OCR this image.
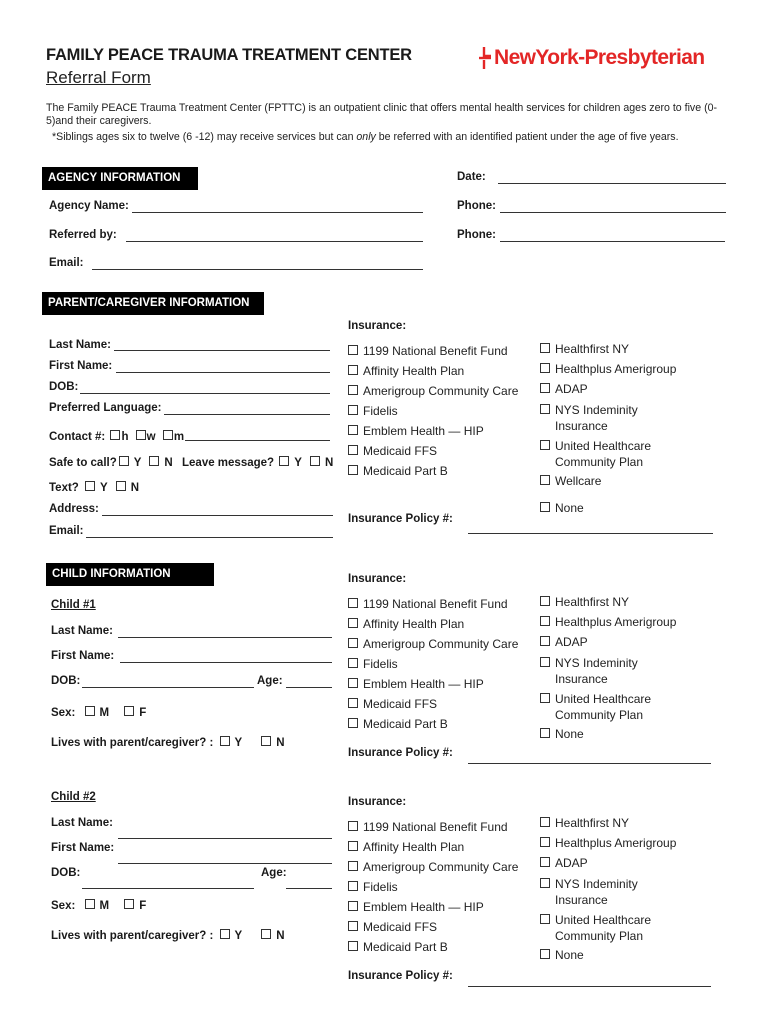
FAMILY PEACE TRAUMA TREATMENT CENTER
Referral Form
NewYork-Presbyterian
The Family PEACE Trauma Treatment Center (FPTTC) is an outpatient clinic that offers mental health services for children ages zero to five (0-5)and their caregivers.
*Siblings ages six to twelve (6 -12) may receive services but can only be referred with an identified patient under the age of five years.
AGENCY INFORMATION	Date:
Agency Name:	Phone:
Referred by:	Phone:
Email:
PARENT/CAREGIVER INFORMATION
Last Name:
First Name:
DOB:
Preferred Language:
Contact #: h w m
Safe to call? Y N Leave message? Y N
Text? Y N
Address:
Email:
Insurance:
1199 National Benefit Fund
Affinity Health Plan
Amerigroup Community Care
Fidelis
Emblem Health — HIP
Medicaid FFS
Medicaid Part B
Healthfirst NY
Healthplus Amerigroup
ADAP
NYS Indeminity Insurance
United Healthcare Community Plan
Wellcare
None
Insurance Policy #:
CHILD INFORMATION
Child #1
Last Name:
First Name:
DOB:	Age:
Sex: M	F
Lives with parent/caregiver? : Y	N
Insurance:
1199 National Benefit Fund
Affinity Health Plan
Amerigroup Community Care
Fidelis
Emblem Health — HIP
Medicaid FFS
Medicaid Part B
Healthfirst NY
Healthplus Amerigroup
ADAP
NYS Indeminity Insurance
United Healthcare Community Plan
None
Insurance Policy #:
Child #2
Last Name:
First Name:
DOB:	Age:
Sex: M	F
Lives with parent/caregiver? : Y	N
Insurance:
1199 National Benefit Fund
Affinity Health Plan
Amerigroup Community Care
Fidelis
Emblem Health — HIP
Medicaid FFS
Medicaid Part B
Healthfirst NY
Healthplus Amerigroup
ADAP
NYS Indeminity Insurance
United Healthcare Community Plan
None
Insurance Policy #:
